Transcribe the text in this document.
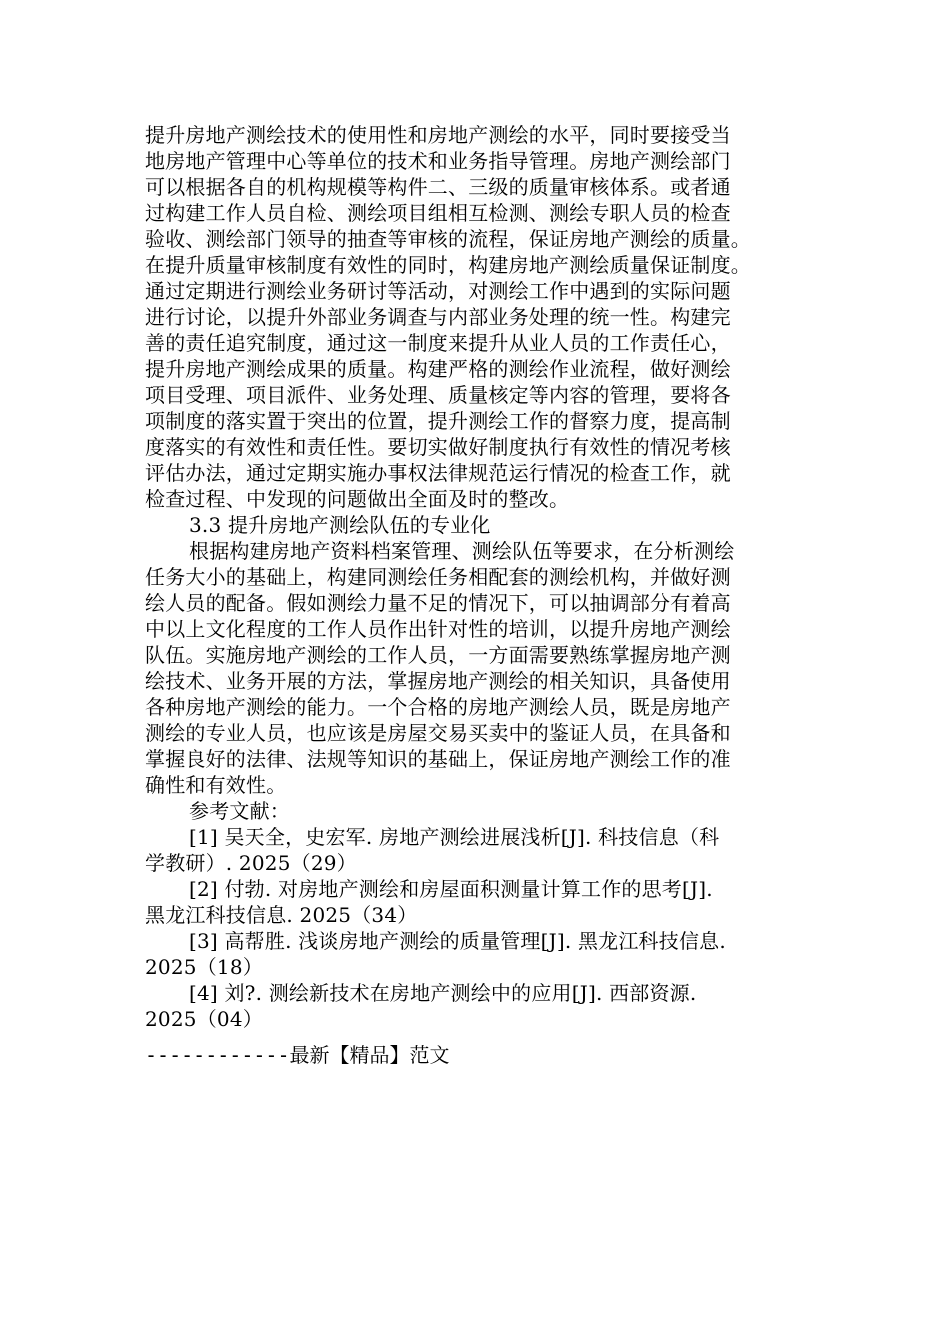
提升房地产测绘技术的使用性和房地产测绘的水平，同时要接受当
地房地产管理中心等单位的技术和业务指导管理。房地产测绘部门
可以根据各自的机构规模等构件二、三级的质量审核体系。或者通
过构建工作人员自检、测绘项目组相互检测、测绘专职人员的检查
验收、测绘部门领导的抽查等审核的流程，保证房地产测绘的质量。
在提升质量审核制度有效性的同时，构建房地产测绘质量保证制度。
通过定期进行测绘业务研讨等活动，对测绘工作中遇到的实际问题
进行讨论，以提升外部业务调查与内部业务处理的统一性。构建完
善的责任追究制度，通过这一制度来提升从业人员的工作责任心，
提升房地产测绘成果的质量。构建严格的测绘作业流程，做好测绘
项目受理、项目派件、业务处理、质量核定等内容的管理，要将各
项制度的落实置于突出的位置，提升测绘工作的督察力度，提高制
度落实的有效性和责任性。要切实做好制度执行有效性的情况考核
评估办法，通过定期实施办事权法律规范运行情况的检查工作，就
检查过程、中发现的问题做出全面及时的整改。
3.3 提升房地产测绘队伍的专业化
根据构建房地产资料档案管理、测绘队伍等要求，在分析测绘
任务大小的基础上，构建同测绘任务相配套的测绘机构，并做好测
绘人员的配备。假如测绘力量不足的情况下，可以抽调部分有着高
中以上文化程度的工作人员作出针对性的培训，以提升房地产测绘
队伍。实施房地产测绘的工作人员，一方面需要熟练掌握房地产测
绘技术、业务开展的方法，掌握房地产测绘的相关知识，具备使用
各种房地产测绘的能力。一个合格的房地产测绘人员，既是房地产
测绘的专业人员，也应该是房屋交易买卖中的鉴证人员，在具备和
掌握良好的法律、法规等知识的基础上，保证房地产测绘工作的准
确性和有效性。
参考文献：
[1] 吴天全，史宏军. 房地产测绘进展浅析[J]. 科技信息（科
学教研）. 2025（29）
[2] 付勃. 对房地产测绘和房屋面积测量计算工作的思考[J].
黑龙江科技信息. 2025（34）
[3] 高帮胜. 浅谈房地产测绘的质量管理[J]. 黑龙江科技信息.
2025（18）
[4] 刘?. 测绘新技术在房地产测绘中的应用[J]. 西部资源.
2025（04）
------------最新【精品】范文
